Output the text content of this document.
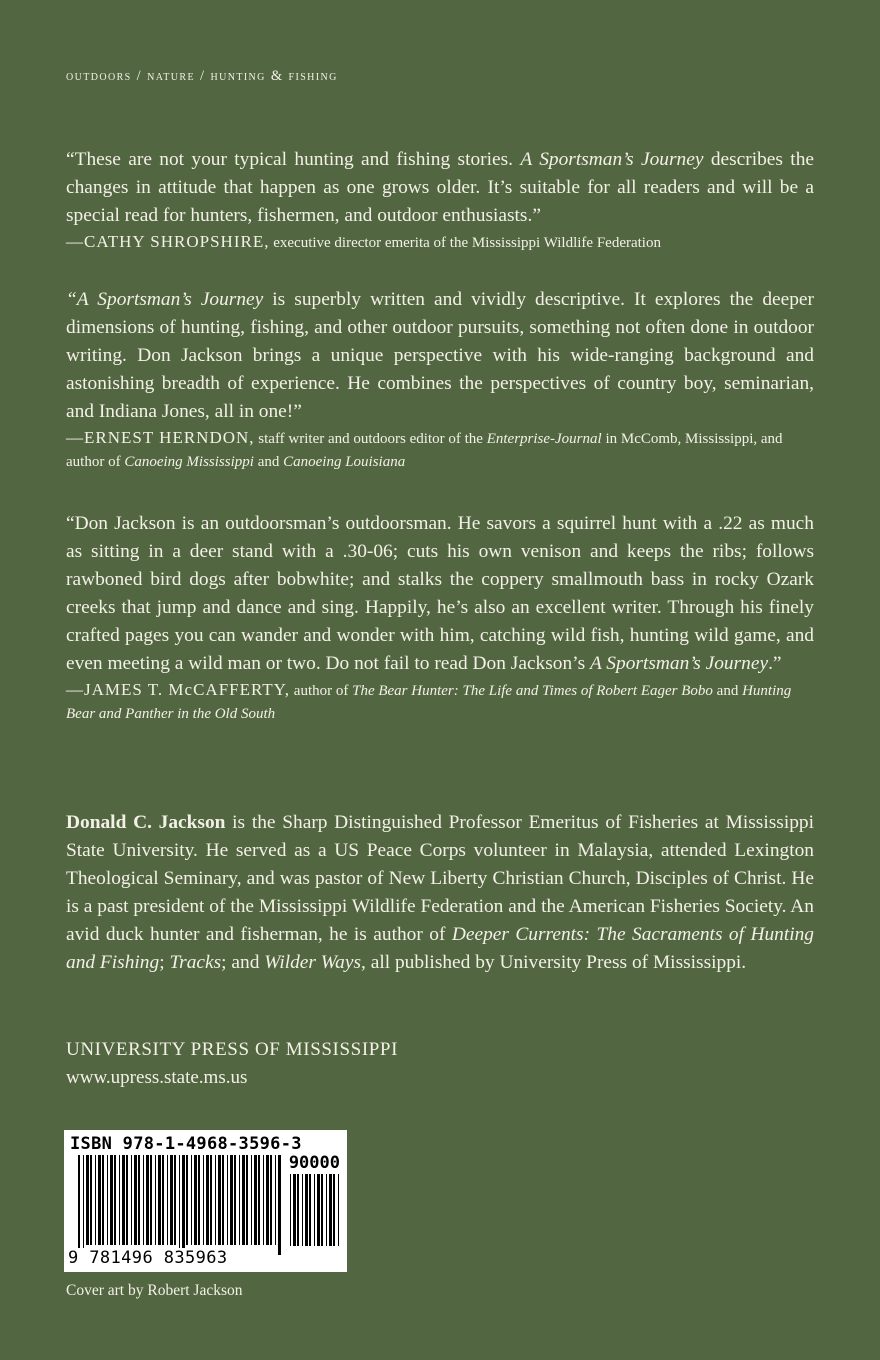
outdoors / nature / hunting & fishing

“These are not your typical hunting and fishing stories. A Sportsman’s Journey describes the changes in attitude that happen as one grows older. It’s suitable for all readers and will be a special read for hunters, fishermen, and outdoor enthusiasts.”

—CATHY SHROPSHIRE, executive director emerita of the Mississippi Wildlife Federation

“A Sportsman’s Journey is superbly written and vividly descriptive. It explores the deeper dimensions of hunting, fishing, and other outdoor pursuits, something not often done in outdoor writing. Don Jackson brings a unique perspective with his wide-ranging background and astonishing breadth of experience. He combines the perspectives of country boy, seminarian, and Indiana Jones, all in one!”

—ERNEST HERNDON, staff writer and outdoors editor of the Enterprise-Journal in McComb, Mississippi, and author of Canoeing Mississippi and Canoeing Louisiana

“Don Jackson is an outdoorsman’s outdoorsman. He savors a squirrel hunt with a .22 as much as sitting in a deer stand with a .30-06; cuts his own venison and keeps the ribs; follows rawboned bird dogs after bobwhite; and stalks the coppery smallmouth bass in rocky Ozark creeks that jump and dance and sing. Happily, he’s also an excellent writer. Through his finely crafted pages you can wander and wonder with him, catching wild fish, hunting wild game, and even meeting a wild man or two. Do not fail to read Don Jackson’s A Sportsman’s Journey.”

—JAMES T. McCAFFERTY, author of The Bear Hunter: The Life and Times of Robert Eager Bobo and Hunting Bear and Panther in the Old South

Donald C. Jackson is the Sharp Distinguished Professor Emeritus of Fisheries at Mississippi State University. He served as a US Peace Corps volunteer in Malaysia, attended Lexington Theological Seminary, and was pastor of New Liberty Christian Church, Disciples of Christ. He is a past president of the Mississippi Wildlife Federation and the American Fisheries Society. An avid duck hunter and fisherman, he is author of Deeper Currents: The Sacraments of Hunting and Fishing; Tracks; and Wilder Ways, all published by University Press of Mississippi.

UNIVERSITY PRESS OF MISSISSIPPI
www.upress.state.ms.us
ISBN 978-1-4968-3596-3
90000
9 781496 835963
Cover art by Robert Jackson
